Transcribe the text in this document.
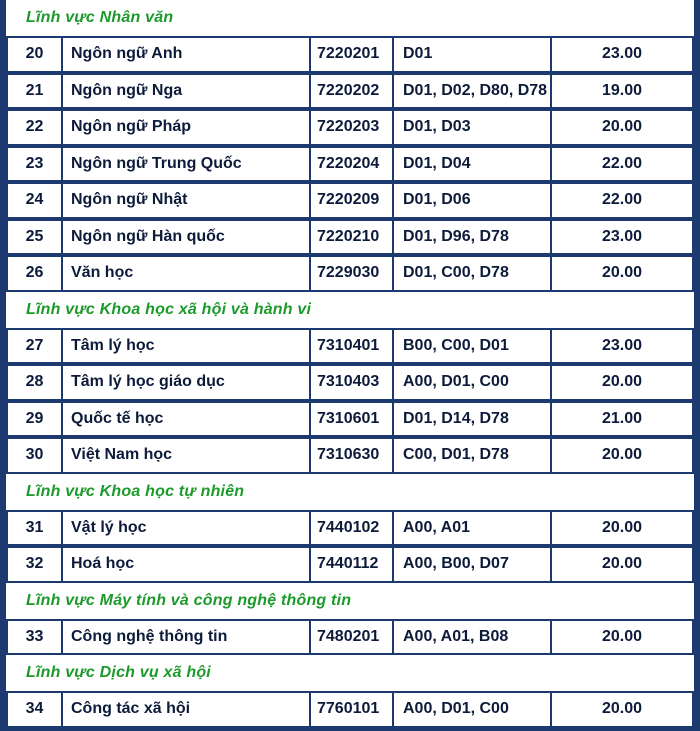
Lĩnh vực Nhân văn
20	Ngôn ngữ Anh	7220201	D01	23.00
21	Ngôn ngữ Nga	7220202	D01, D02, D80, D78	19.00
22	Ngôn ngữ Pháp	7220203	D01, D03	20.00
23	Ngôn ngữ Trung Quốc	7220204	D01, D04	22.00
24	Ngôn ngữ Nhật	7220209	D01, D06	22.00
25	Ngôn ngữ Hàn quốc	7220210	D01, D96, D78	23.00
26	Văn học	7229030	D01, C00, D78	20.00
Lĩnh vực Khoa học xã hội và hành vi
27	Tâm lý học	7310401	B00, C00, D01	23.00
28	Tâm lý học giáo dục	7310403	A00, D01, C00	20.00
29	Quốc tế học	7310601	D01, D14, D78	21.00
30	Việt Nam học	7310630	C00, D01, D78	20.00
Lĩnh vực Khoa học tự nhiên
31	Vật lý học	7440102	A00, A01	20.00
32	Hoá học	7440112	A00, B00, D07	20.00
Lĩnh vực Máy tính và công nghệ thông tin
33	Công nghệ thông tin	7480201	A00, A01, B08	20.00
Lĩnh vực Dịch vụ xã hội
34	Công tác xã hội	7760101	A00, D01, C00	20.00
